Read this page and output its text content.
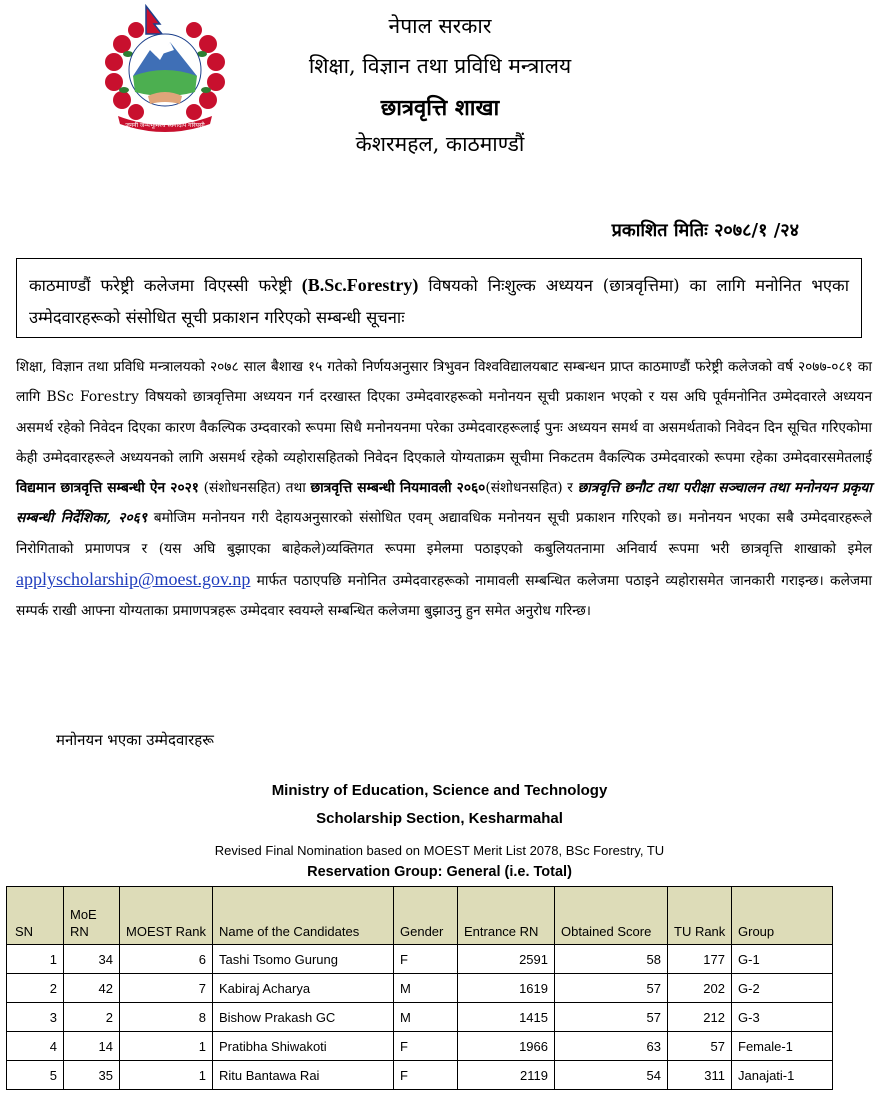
जननी जन्मभूमिश्च स्वर्गादपि गरियसी
नेपाल सरकार
शिक्षा, विज्ञान तथा प्रविधि मन्त्रालय
छात्रवृत्ति शाखा
केशरमहल, काठमाण्डौं
प्रकाशित मितिः २०७८/१ /२४
काठमाण्डौं फरेष्ट्री कलेजमा विएस्सी फरेष्ट्री (B.Sc.Forestry) विषयको निःशुल्क अध्ययन (छात्रवृत्तिमा) का लागि मनोनित भएका उम्मेदवारहरूको संसोधित सूची प्रकाशन गरिएको सम्बन्धी सूचनाः
शिक्षा, विज्ञान तथा प्रविधि मन्त्रालयको २०७८ साल बैशाख १५ गतेको निर्णयअनुसार त्रिभुवन विश्वविद्यालयबाट सम्बन्धन प्राप्त काठमाण्डौं फरेष्ट्री कलेजको वर्ष २०७७-०८१ का लागि BSc Forestry विषयको छात्रवृत्तिमा अध्ययन गर्न दरखास्त दिएका उम्मेदवारहरूको मनोनयन सूची प्रकाशन भएको र यस अघि पूर्वमनोनित उम्मेदवारले अध्ययन असमर्थ रहेको निवेदन दिएका कारण वैकल्पिक उम्दवारको रूपमा सिधै मनोनयनमा परेका उम्मेदवारहरूलाई पुनः अध्ययन समर्थ वा असमर्थताको निवेदन दिन सूचित गरिएकोमा केही उम्मेदवारहरूले अध्ययनको लागि असमर्थ रहेको व्यहोरासहितको निवेदन दिएकाले योग्यताक्रम सूचीमा निकटतम वैकल्पिक उम्मेदवारको रूपमा रहेका उम्मेदवारसमेतलाई विद्यमान छात्रवृत्ति सम्बन्धी ऐन २०२१ (संशोधनसहित) तथा छात्रवृत्ति सम्बन्धी नियमावली २०६०(संशोधनसहित) र छात्रवृत्ति छनौट तथा परीक्षा सञ्चालन तथा मनोनयन प्रकृया सम्बन्धी निर्देशिका, २०६९ बमोजिम मनोनयन गरी देहायअनुसारको संसोधित एवम् अद्यावधिक मनोनयन सूची प्रकाशन गरिएको छ। मनोनयन भएका सबै उम्मेदवारहरूले निरोगिताको प्रमाणपत्र र (यस अघि बुझाएका बाहेकले)व्यक्तिगत रूपमा इमेलमा पठाइएको कबुलियतनामा अनिवार्य रूपमा भरी छात्रवृत्ति शाखाको इमेल applyscholarship@moest.gov.np मार्फत पठाएपछि मनोनित उम्मेदवारहरूको नामावली सम्बन्धित कलेजमा पठाइने व्यहोरासमेत जानकारी गराइन्छ। कलेजमा सम्पर्क राखी आफ्ना योग्यताका प्रमाणपत्रहरू उम्मेदवार स्वयम्ले सम्बन्धित कलेजमा बुझाउनु हुन समेत अनुरोध गरिन्छ।
मनोनयन भएका उम्मेदवारहरू
Ministry of Education, Science and Technology
Scholarship Section, Kesharmahal
Revised Final Nomination based on MOEST Merit List 2078, BSc Forestry, TU
Reservation Group: General (i.e. Total)
SN	MoE RN	MOEST Rank	Name of the Candidates	Gender	Entrance RN	Obtained Score	TU Rank	Group
1	34	6	Tashi Tsomo Gurung	F	2591	58	177	G-1
2	42	7	Kabiraj Acharya	M	1619	57	202	G-2
3	2	8	Bishow Prakash GC	M	1415	57	212	G-3
4	14	1	Pratibha Shiwakoti	F	1966	63	57	Female-1
5	35	1	Ritu Bantawa Rai	F	2119	54	311	Janajati-1
